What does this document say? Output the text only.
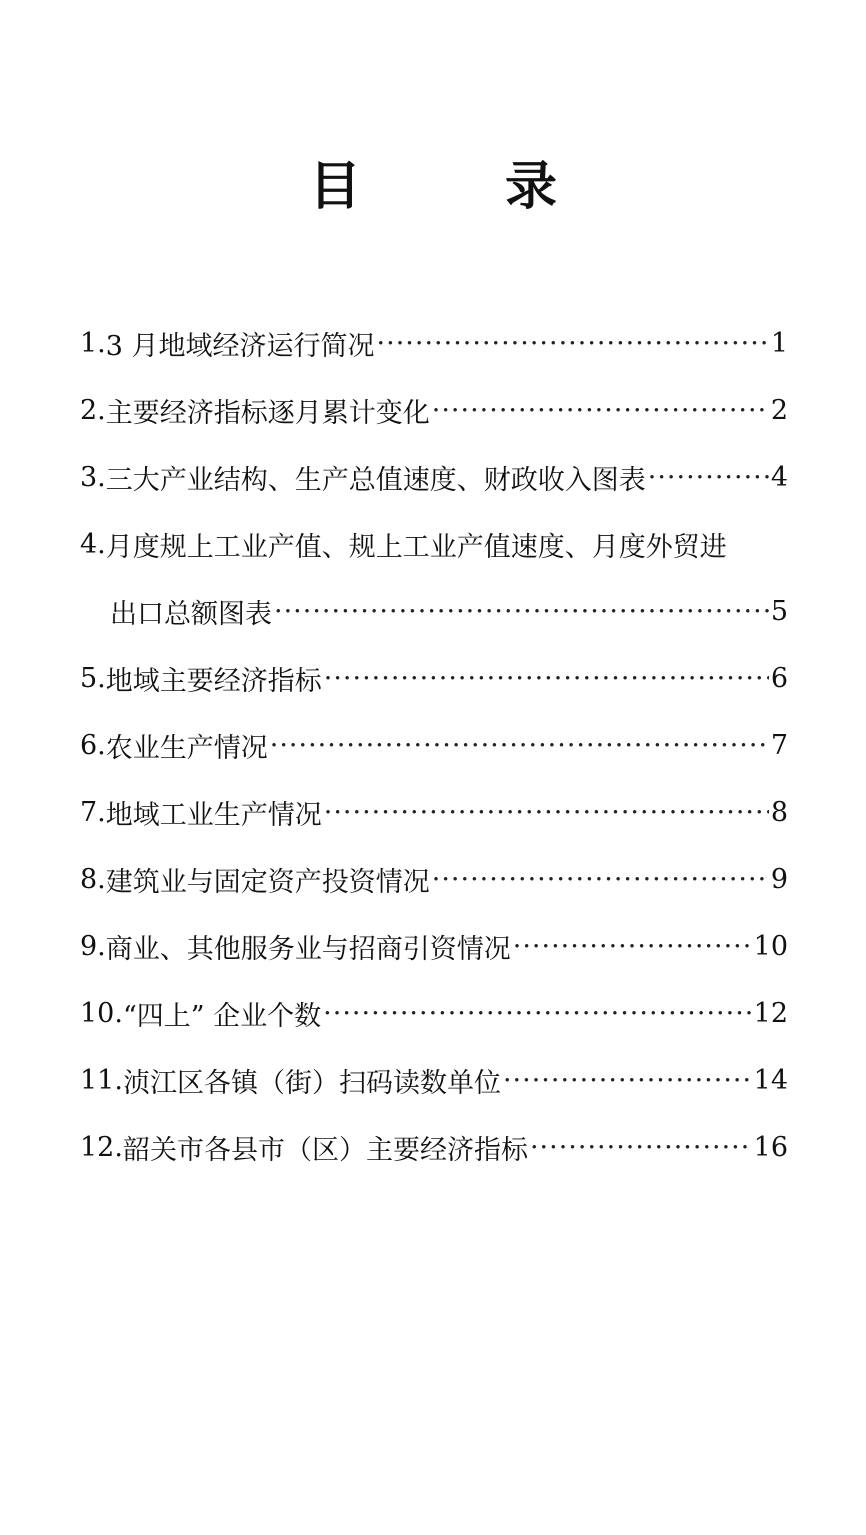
目　录
1. 3 月地域经济运行简况 ·····	1
2. 主要经济指标逐月累计变化 ·····	2
3. 三大产业结构、生产总值速度、财政收入图表 ·····	4
4. 月度规上工业产值、规上工业产值速度、月度外贸进
出口总额图表 ·····	5
5. 地域主要经济指标 ·····	6
6. 农业生产情况 ·····	7
7. 地域工业生产情况 ·····	8
8. 建筑业与固定资产投资情况 ·····	9
9. 商业、其他服务业与招商引资情况 ·····	10
10. “四上” 企业个数 ·····	12
11. 浈江区各镇（街）扫码读数单位 ·····	14
12. 韶关市各县市（区）主要经济指标 ·····	16
